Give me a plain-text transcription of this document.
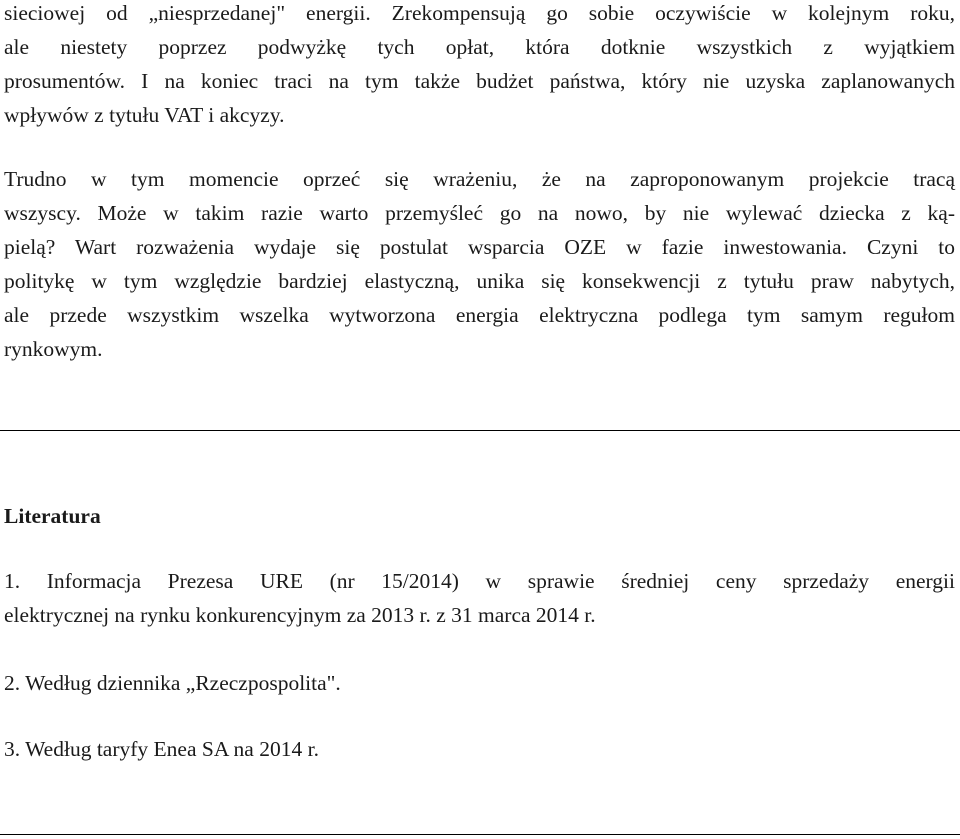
sieciowej od „niesprzedanej" energii. Zrekompensują go sobie oczywiście w kolejnym roku,
ale niestety poprzez podwyżkę tych opłat, która dotknie wszystkich z wyjątkiem
prosumentów. I na koniec traci na tym także budżet państwa, który nie uzyska zaplanowanych
wpływów z tytułu VAT i akcyzy.

Trudno w tym momencie oprzeć się wrażeniu, że na zaproponowanym projekcie tracą
wszyscy. Może w takim razie warto przemyśleć go na nowo, by nie wylewać dziecka z ką-
pielą? Wart rozważenia wydaje się postulat wsparcia OZE w fazie inwestowania. Czyni to
politykę w tym względzie bardziej elastyczną, unika się konsekwencji z tytułu praw nabytych,
ale przede wszystkim wszelka wytworzona energia elektryczna podlega tym samym regułom
rynkowym.

Literatura

1. Informacja Prezesa URE (nr 15/2014) w sprawie średniej ceny sprzedaży energii
elektrycznej na rynku konkurencyjnym za 2013 r. z 31 marca 2014 r.

2. Według dziennika „Rzeczpospolita".

3. Według taryfy Enea SA na 2014 r.
